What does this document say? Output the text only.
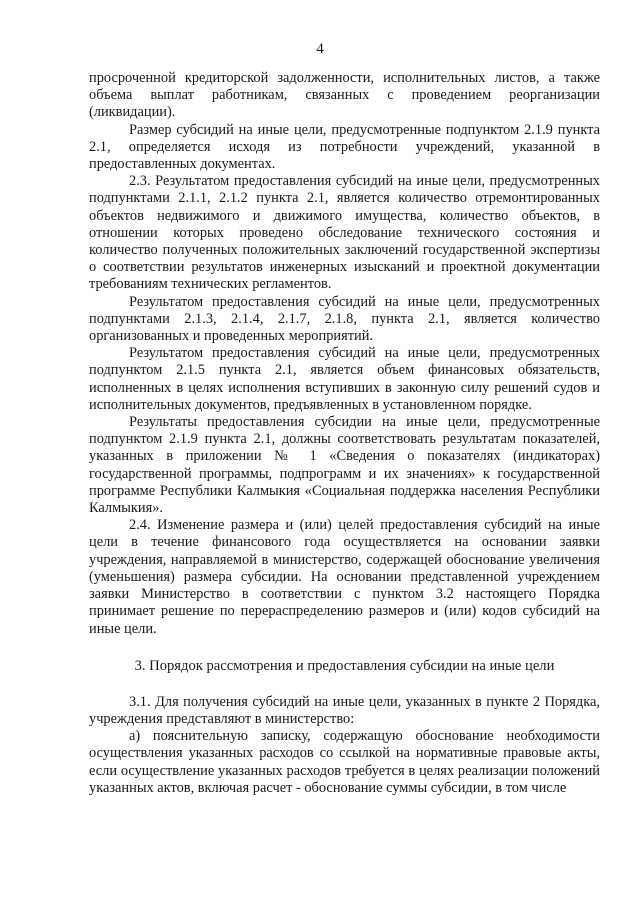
4

просроченной кредиторской задолженности, исполнительных листов, а также объема выплат работникам, связанных с проведением реорганизации (ликвидации).

Размер субсидий на иные цели, предусмотренные подпунктом 2.1.9 пункта 2.1, определяется исходя из потребности учреждений, указанной в предоставленных документах.

2.3. Результатом предоставления субсидий на иные цели, предусмотренных подпунктами 2.1.1, 2.1.2 пункта 2.1, является количество отремонтированных объектов недвижимого и движимого имущества, количество объектов, в отношении которых проведено обследование технического состояния и количество полученных положительных заключений государственной экспертизы о соответствии результатов инженерных изысканий и проектной документации требованиям технических регламентов.

Результатом предоставления субсидий на иные цели, предусмотренных подпунктами 2.1.3, 2.1.4, 2.1.7, 2.1.8, пункта 2.1, является количество организованных и проведенных мероприятий.

Результатом предоставления субсидий на иные цели, предусмотренных подпунктом 2.1.5 пункта 2.1, является объем финансовых обязательств, исполненных в целях исполнения вступивших в законную силу решений судов и исполнительных документов, предъявленных в установленном порядке.

Результаты предоставления субсидии на иные цели, предусмотренные подпунктом 2.1.9 пункта 2.1, должны соответствовать результатам показателей, указанных в приложении № 1 «Сведения о показателях (индикаторах) государственной программы, подпрограмм и их значениях» к государственной программе Республики Калмыкия «Социальная поддержка населения Республики Калмыкия».

2.4. Изменение размера и (или) целей предоставления субсидий на иные цели в течение финансового года осуществляется на основании заявки учреждения, направляемой в министерство, содержащей обоснование увеличения (уменьшения) размера субсидии. На основании представленной учреждением заявки Министерство в соответствии с пунктом 3.2 настоящего Порядка принимает решение по перераспределению размеров и (или) кодов субсидий на иные цели.

3. Порядок рассмотрения и предоставления субсидии на иные цели

3.1. Для получения субсидий на иные цели, указанных в пункте 2 Порядка, учреждения представляют в министерство:

а) пояснительную записку, содержащую обоснование необходимости осуществления указанных расходов со ссылкой на нормативные правовые акты, если осуществление указанных расходов требуется в целях реализации положений указанных актов, включая расчет - обоснование суммы субсидии, в том числе
